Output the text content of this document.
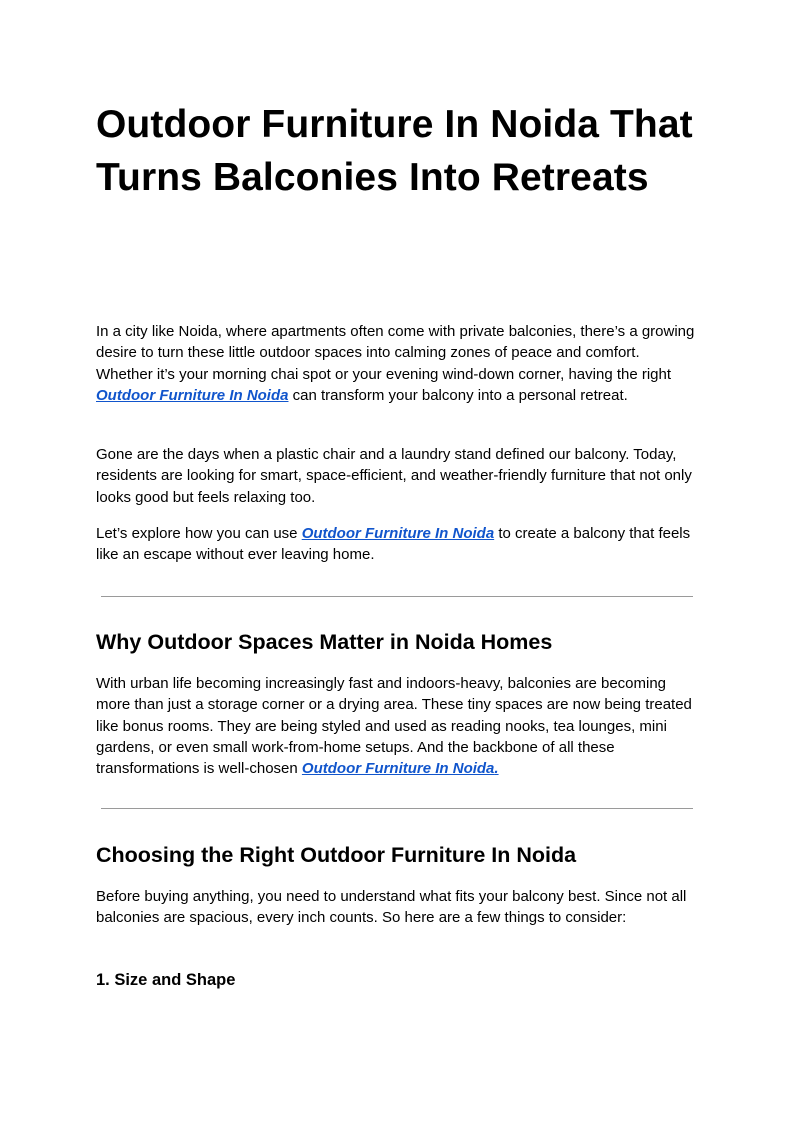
Outdoor Furniture In Noida That Turns Balconies Into Retreats

In a city like Noida, where apartments often come with private balconies, there’s a growing desire to turn these little outdoor spaces into calming zones of peace and comfort. Whether it’s your morning chai spot or your evening wind-down corner, having the right Outdoor Furniture In Noida can transform your balcony into a personal retreat.

Gone are the days when a plastic chair and a laundry stand defined our balcony. Today, residents are looking for smart, space-efficient, and weather-friendly furniture that not only looks good but feels relaxing too.

Let’s explore how you can use Outdoor Furniture In Noida to create a balcony that feels like an escape without ever leaving home.

Why Outdoor Spaces Matter in Noida Homes

With urban life becoming increasingly fast and indoors-heavy, balconies are becoming more than just a storage corner or a drying area. These tiny spaces are now being treated like bonus rooms. They are being styled and used as reading nooks, tea lounges, mini gardens, or even small work-from-home setups. And the backbone of all these transformations is well-chosen Outdoor Furniture In Noida.

Choosing the Right Outdoor Furniture In Noida

Before buying anything, you need to understand what fits your balcony best. Since not all balconies are spacious, every inch counts. So here are a few things to consider:

1. Size and Shape
